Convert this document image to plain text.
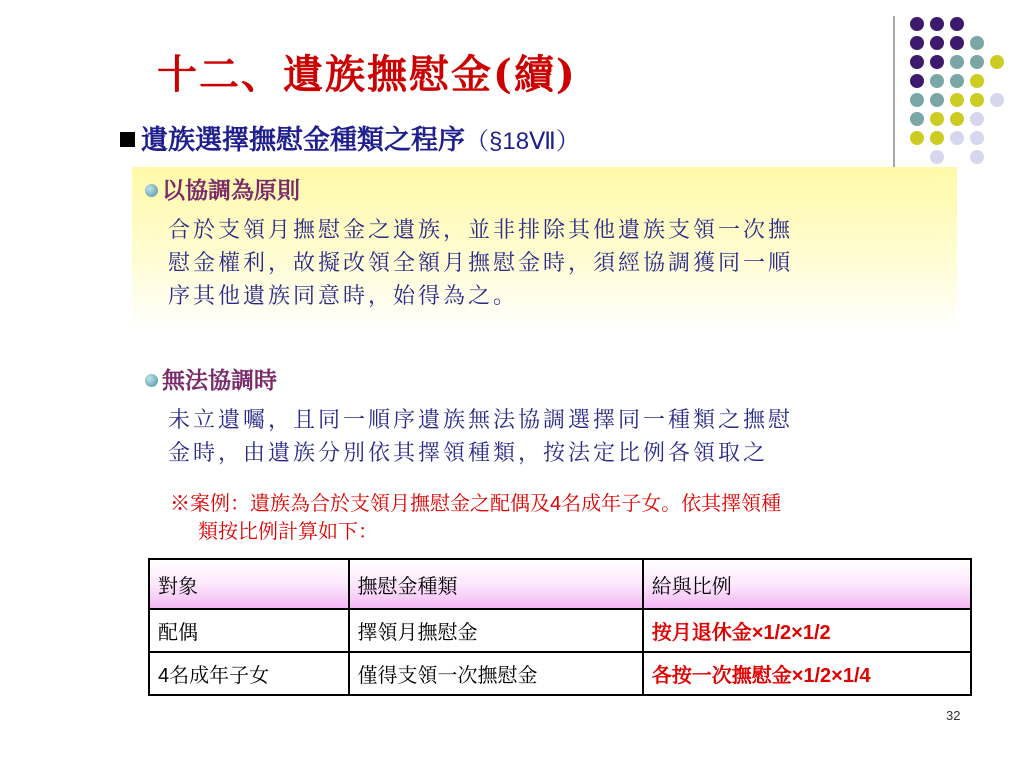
十二、遺族撫慰金(續)
遺族選擇撫慰金種類之程序（§18Ⅶ）
以協調為原則
合於支領月撫慰金之遺族，並非排除其他遺族支領一次撫
慰金權利，故擬改領全額月撫慰金時，須經協調獲同一順
序其他遺族同意時，始得為之。
無法協調時
未立遺囑，且同一順序遺族無法協調選擇同一種類之撫慰
金時，由遺族分別依其擇領種類，按法定比例各領取之
※案例：遺族為合於支領月撫慰金之配偶及4名成年子女。依其擇領種
類按比例計算如下：
對象	撫慰金種類	給與比例
配偶	擇領月撫慰金	按月退休金×1/2×1/2
4名成年子女	僅得支領一次撫慰金	各按一次撫慰金×1/2×1/4
32
